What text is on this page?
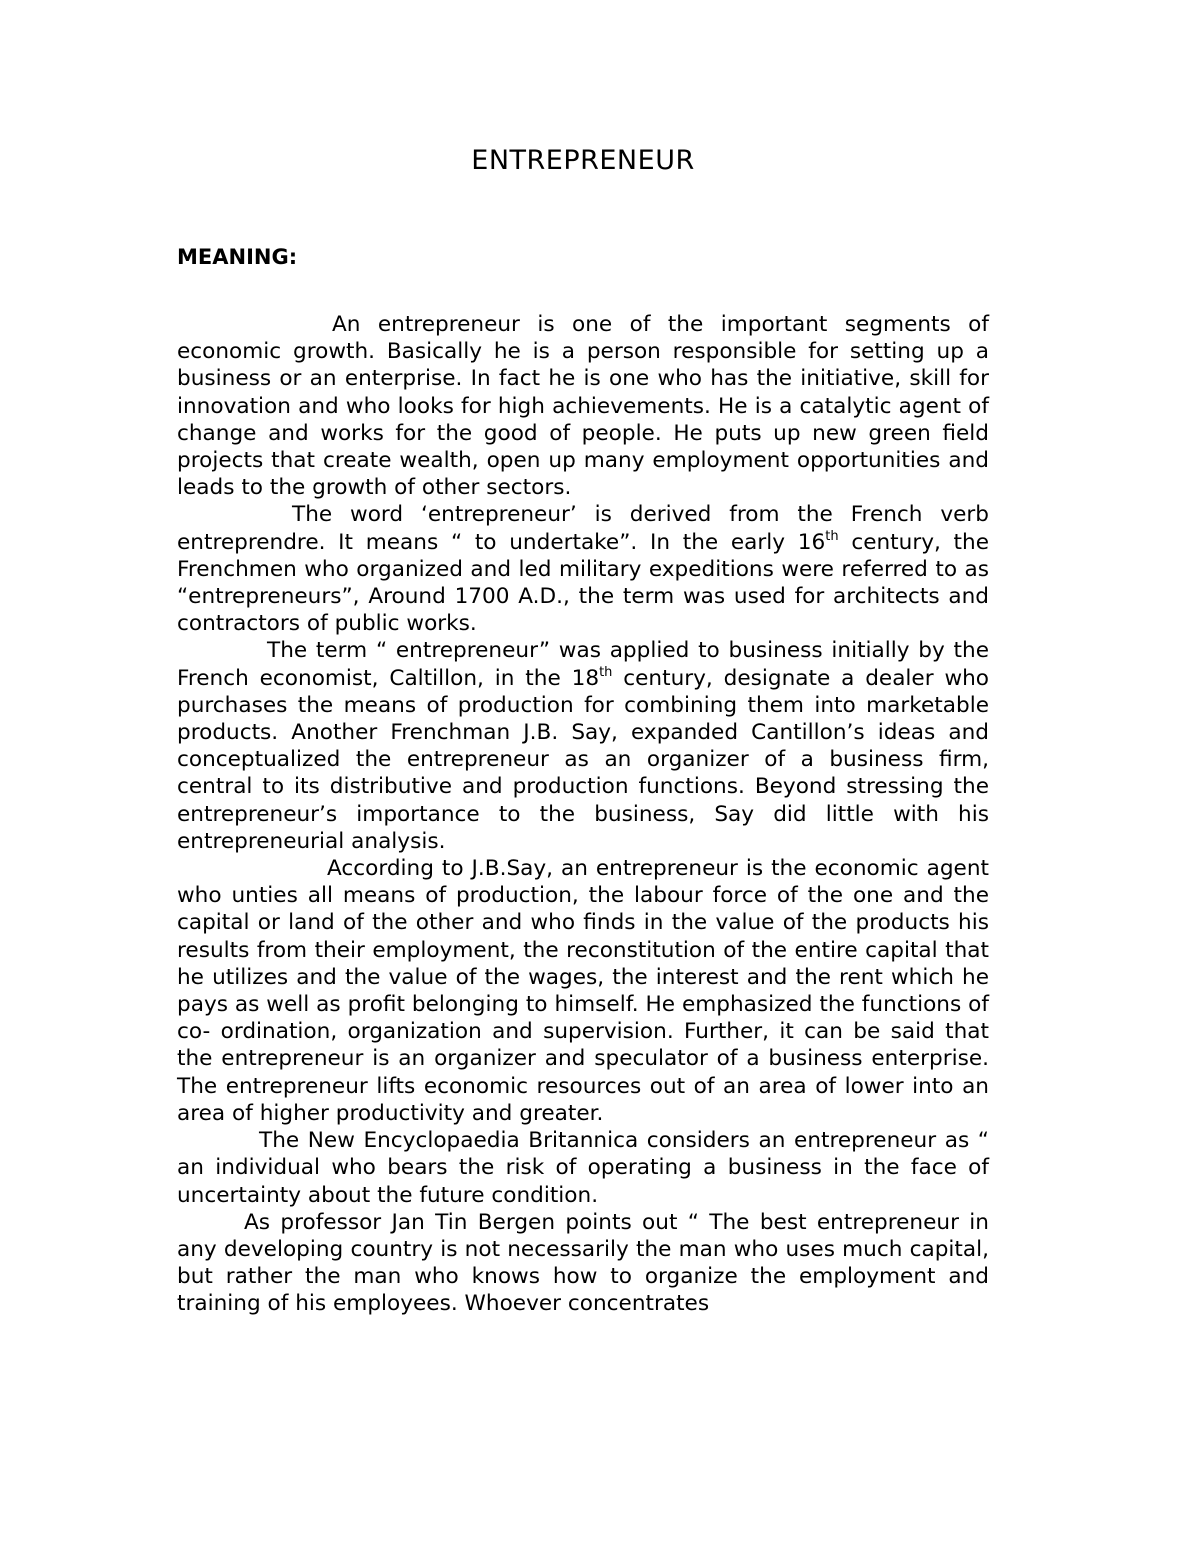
ENTREPRENEUR
MEANING:

An entrepreneur is one of the important segments of economic growth. Basically he is a person responsible for setting up a business or an enterprise. In fact he is one who has the initiative, skill for innovation and who looks for high achievements. He is a catalytic agent of change and works for the good of people. He puts up new green field projects that create wealth, open up many employment opportunities and leads to the growth of other sectors.

The word ‘entrepreneur’ is derived from the French verb entreprendre. It means “ to undertake”. In the early 16th century, the Frenchmen who organized and led military expeditions were referred to as “entrepreneurs”, Around 1700 A.D., the term was used for architects and contractors of public works.

The term “ entrepreneur” was applied to business initially by the French economist, Caltillon, in the 18th century, designate a dealer who purchases the means of production for combining them into marketable products. Another Frenchman J.B. Say, expanded Cantillon’s ideas and conceptualized the entrepreneur as an organizer of a business firm, central to its distributive and production functions. Beyond stressing the entrepreneur’s importance to the business, Say did little with his entrepreneurial analysis.

According to J.B.Say, an entrepreneur is the economic agent who unties all means of production, the labour force of the one and the capital or land of the other and who finds in the value of the products his results from their employment, the reconstitution of the entire capital that he utilizes and the value of the wages, the interest and the rent which he pays as well as profit belonging to himself. He emphasized the functions of co- ordination, organization and supervision. Further, it can be said that the entrepreneur is an organizer and speculator of a business enterprise. The entrepreneur lifts economic resources out of an area of lower into an area of higher productivity and greater.

The New Encyclopaedia Britannica considers an entrepreneur as “ an individual who bears the risk of operating a business in the face of uncertainty about the future condition.

As professor Jan Tin Bergen points out “ The best entrepreneur in any developing country is not necessarily the man who uses much capital, but rather the man who knows how to organize the employment and training of his employees. Whoever concentrates
